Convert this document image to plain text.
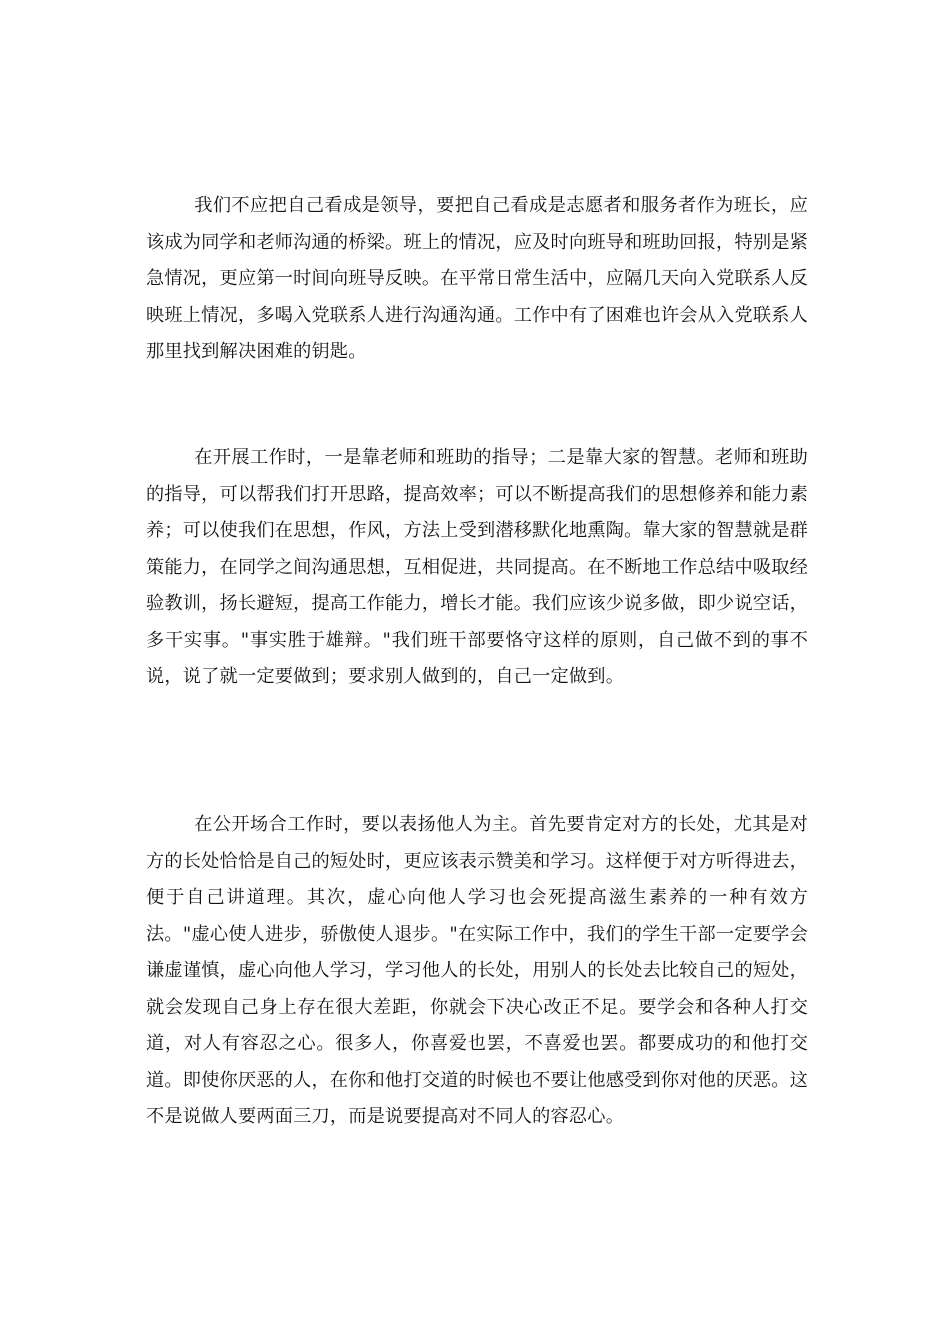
我们不应把自己看成是领导，要把自己看成是志愿者和服务者作为班长，应该成为同学和老师沟通的桥梁。班上的情况，应及时向班导和班助回报，特别是紧急情况，更应第一时间向班导反映。在平常日常生活中，应隔几天向入党联系人反映班上情况，多喝入党联系人进行沟通沟通。工作中有了困难也许会从入党联系人那里找到解决困难的钥匙。

在开展工作时，一是靠老师和班助的指导；二是靠大家的智慧。老师和班助的指导，可以帮我们打开思路，提高效率；可以不断提高我们的思想修养和能力素养；可以使我们在思想，作风，方法上受到潜移默化地熏陶。靠大家的智慧就是群策能力，在同学之间沟通思想，互相促进，共同提高。在不断地工作总结中吸取经验教训，扬长避短，提高工作能力，增长才能。我们应该少说多做，即少说空话，多干实事。"事实胜于雄辩。"我们班干部要恪守这样的原则，自己做不到的事不说，说了就一定要做到；要求别人做到的，自己一定做到。

在公开场合工作时，要以表扬他人为主。首先要肯定对方的长处，尤其是对方的长处恰恰是自己的短处时，更应该表示赞美和学习。这样便于对方听得进去，便于自己讲道理。其次，虚心向他人学习也会死提高滋生素养的一种有效方法。"虚心使人进步，骄傲使人退步。"在实际工作中，我们的学生干部一定要学会谦虚谨慎，虚心向他人学习，学习他人的长处，用别人的长处去比较自己的短处，就会发现自己身上存在很大差距，你就会下决心改正不足。要学会和各种人打交道，对人有容忍之心。很多人，你喜爱也罢，不喜爱也罢。都要成功的和他打交道。即使你厌恶的人，在你和他打交道的时候也不要让他感受到你对他的厌恶。这不是说做人要两面三刀，而是说要提高对不同人的容忍心。
